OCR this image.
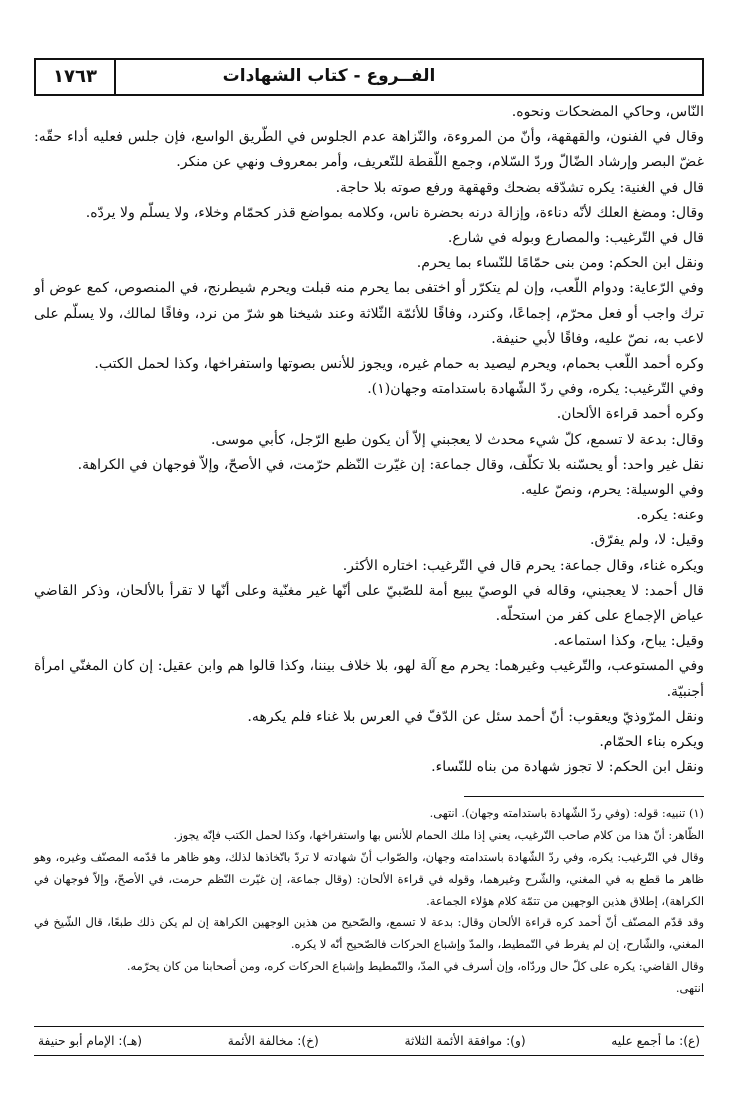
١٧٦٣	الفــروع - كتاب الشهادات

النّاس، وحاكي المضحكات ونحوه.

وقال في الفنون، والقهقهة، وأنّ من المروءة، والنّزاهة عدم الجلوس في الطّريق الواسع، فإن جلس فعليه أداء حقّه: غضّ البصر وإرشاد الضّالّ وردّ السّلام، وجمع اللّقطة للتّعريف، وأمر بمعروف ونهي عن منكر.

قال في الغنية: يكره تشدّقه بضحك وقهقهة ورفع صوته بلا حاجة.

وقال: ومضغ العلك لأنّه دناءة، وإزالة درنه بحضرة ناس، وكلامه بمواضع قذر كحمّام وخلاء، ولا يسلّم ولا يردّه.

قال في التّرغيب: والمصارع وبوله في شارع.

ونقل ابن الحكم: ومن بنى حمّامًا للنّساء بما يحرم.

وفي الرّعاية: ودوام اللّعب، وإن لم يتكرّر أو اختفى بما يحرم منه قبلت ويحرم شيطرنج، في المنصوص، كمع عوض أو ترك واجب أو فعل محرّم، إجماعًا، وكنرد، وفاقًا للأئمّة الثّلاثة وعند شيخنا هو شرّ من نرد، وفاقًا لمالك، ولا يسلّم على لاعب به، نصّ عليه، وفاقًا لأبي حنيفة.

وكره أحمد اللّعب بحمام، ويحرم ليصيد به حمام غيره، ويجوز للأنس بصوتها واستفراخها، وكذا لحمل الكتب.

وفي التّرغيب: يكره، وفي ردّ الشّهادة باستدامته وجهان(١).

وكره أحمد قراءة الألحان.

وقال: بدعة لا تسمع، كلّ شيء محدث لا يعجبني إلاّ أن يكون طبع الرّجل، كأبي موسى.

نقل غير واحد: أو يحسّنه بلا تكلّف، وقال جماعة: إن غيّرت النّظم حرّمت، في الأصحّ، وإلاّ فوجهان في الكراهة.

وفي الوسيلة: يحرم، ونصّ عليه.

وعنه: يكره.

وقيل: لا، ولم يفرّق.

ويكره غناء، وقال جماعة: يحرم قال في التّرغيب: اختاره الأكثر.

قال أحمد: لا يعجبني، وقاله في الوصيّ يبيع أمة للصّبيّ على أنّها غير مغنّية وعلى أنّها لا تقرأ بالألحان، وذكر القاضي عياض الإجماع على كفر من استحلّه.

وقيل: يباح، وكذا استماعه.

وفي المستوعب، والتّرغيب وغيرهما: يحرم مع آلة لهو، بلا خلاف بيننا، وكذا قالوا هم وابن عقيل: إن كان المغنّي امرأة أجنبيّة.

ونقل المرّوذيّ ويعقوب: أنّ أحمد سئل عن الدّفّ في العرس بلا غناء فلم يكرهه.

ويكره بناء الحمّام.

ونقل ابن الحكم: لا تجوز شهادة من بناه للنّساء.

(١) تنبيه: قوله: (وفي ردّ الشّهادة باستدامته وجهان). انتهى.

الظّاهر: أنّ هذا من كلام صاحب التّرغيب، يعني إذا ملك الحمام للأنس بها واستفراخها، وكذا لحمل الكتب فإنّه يجوز.

وقال في التّرغيب: يكره، وفي ردّ الشّهادة باستدامته وجهان، والصّواب أنّ شهادته لا تردّ باتّخاذها لذلك، وهو ظاهر ما قدّمه المصنّف وغيره، وهو ظاهر ما قطع به في المغني، والشّرح وغيرهما، وقوله في قراءة الألحان: (وقال جماعة، إن غيّرت النّظم حرمت، في الأصحّ، وإلاّ فوجهان في الكراهة)، إطلاق هذين الوجهين من تتمّة كلام هؤلاء الجماعة.

وقد قدّم المصنّف أنّ أحمد كره قراءة الألحان وقال: بدعة لا تسمع، والصّحيح من هذين الوجهين الكراهة إن لم يكن ذلك طبعًا، قال الشّيخ في المغني، والشّارح، إن لم يفرط في التّمطيط، والمدّ وإشباع الحركات فالصّحيح أنّه لا يكره.

وقال القاضي: يكره على كلّ حال وردّاه، وإن أسرف في المدّ، والتّمطيط وإشباع الحركات كره، ومن أصحابنا من كان يحرّمه.

انتهى.

(ع): ما أجمع عليه
(و): موافقة الأئمة الثلاثة
(خ): مخالفة الأئمة
(هـ): الإمام أبو حنيفة
